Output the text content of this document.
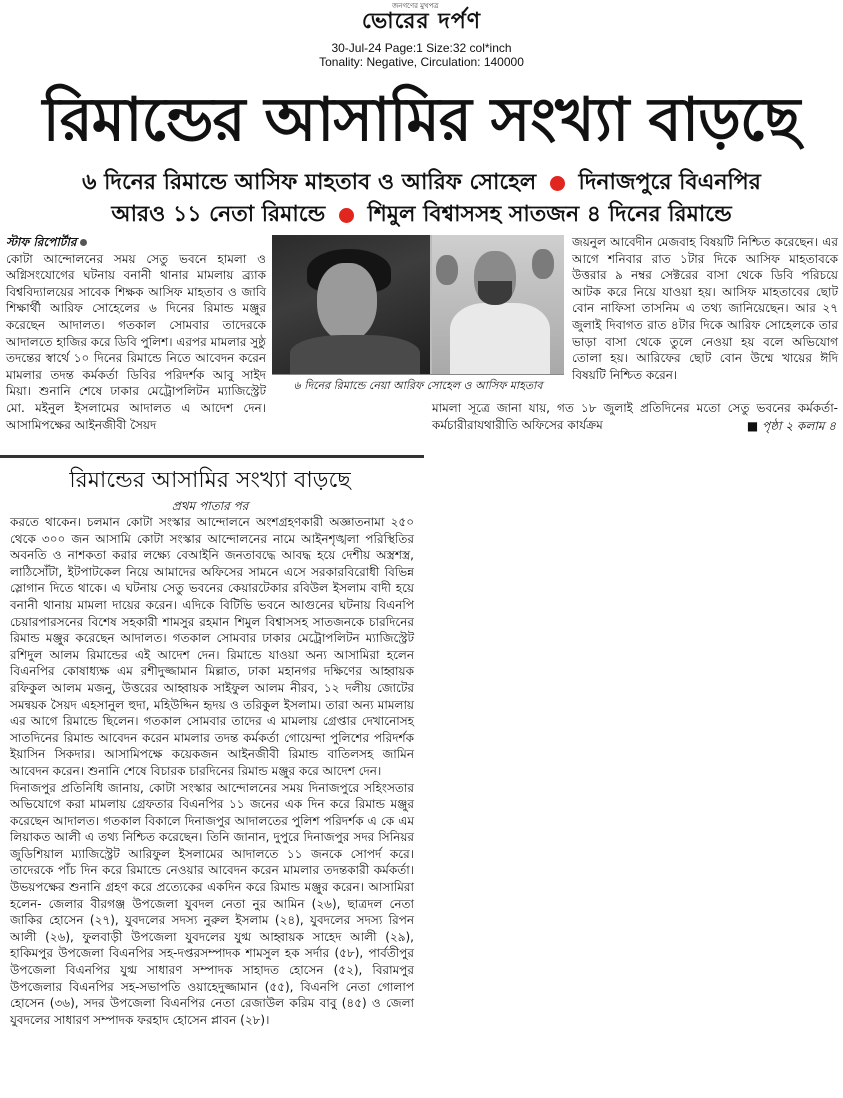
ভোরের দর্পণ
30-Jul-24 Page:1 Size:32 col*inch
Tonality: Negative, Circulation: 140000
জনগণের মুখপত্র
রিমান্ডের আসামির সংখ্যা বাড়ছে
৬ দিনের রিমান্ডে আসিফ মাহতাব ও আরিফ সোহেল দিনাজপুরে বিএনপির
আরও ১১ নেতা রিমান্ডে শিমুল বিশ্বাসসহ সাতজন ৪ দিনের রিমান্ডে
স্টাফ রিপোর্টার
কোটা আন্দোলনের সময় সেতু ভবনে হামলা ও অগ্নিসংযোগের ঘটনায় বনানী থানার মামলায় ব্র্যাক বিশ্ববিদ্যালয়ের সাবেক শিক্ষক আসিফ মাহতাব ও জাবি শিক্ষার্থী আরিফ সোহেলের ৬ দিনের রিমান্ড মঞ্জুর করেছেন আদালত। গতকাল সোমবার তাদেরকে আদালতে হাজির করে ডিবি পুলিশ। এরপর মামলার সুষ্ঠু তদন্তের স্বার্থে ১০ দিনের রিমান্ডে নিতে আবেদন করেন মামলার তদন্ত কর্মকর্তা ডিবির পরিদর্শক আবু সাইদ মিয়া। শুনানি শেষে ঢাকার মেট্রোপলিটন ম্যাজিস্ট্রেট মো. মইনুল ইসলামের আদালত এ আদেশ দেন। আসামিপক্ষের আইনজীবী সৈয়দ
৬ দিনের রিমান্ডে নেয়া আরিফ সোহেল ও আসিফ মাহতাব
মামলা সূত্রে জানা যায়, গত ১৮ জুলাই প্রতিদিনের মতো সেতু ভবনের কর্মকর্তা-কর্মচারীরাযথারীতি অফিসের কার্যক্রম
জয়নুল আবেদীন মেজবাহ বিষয়টি নিশ্চিত করেছেন। এর আগে শনিবার রাত ১টার দিকে আসিফ মাহতাবকে উত্তরার ৯ নম্বর সেক্টরের বাসা থেকে ডিবি পরিচয়ে আটক করে নিয়ে যাওয়া হয়। আসিফ মাহতাবের ছোট বোন নাফিসা তাসনিম এ তথ্য জানিয়েছেন। আর ২৭ জুলাই দিবাগত রাত ৪টার দিকে আরিফ সোহেলকে তার ভাড়া বাসা থেকে তুলে নেওয়া হয় বলে অভিযোগ তোলা হয়। আরিফের ছোট বোন উম্মে খায়ের ঈদি বিষয়টি নিশ্চিত করেন।
■ পৃষ্ঠা ২ কলাম ৪
রিমান্ডের আসামির সংখ্যা বাড়ছে
প্রথম পাতার পর
করতে থাকেন। চলমান কোটা সংস্কার আন্দোলনে অংশগ্রহণকারী অজ্ঞাতনামা ২৫০ থেকে ৩০০ জন আসামি কোটা সংস্কার আন্দোলনের নামে আইনশৃঙ্খলা পরিস্থিতির অবনতি ও নাশকতা করার লক্ষ্যে বেআইনি জনতাবদ্ধে আবদ্ধ হয়ে দেশীয় অস্ত্রশস্ত্র, লাঠিসোঁটা, ইটপাটকেল নিয়ে আমাদের অফিসের সামনে এসে সরকারবিরোধী বিভিন্ন স্লোগান দিতে থাকে। এ ঘটনায় সেতু ভবনের কেয়ারটেকার রবিউল ইসলাম বাদী হয়ে বনানী থানায় মামলা দায়ের করেন। এদিকে বিটিভি ভবনে আগুনের ঘটনায় বিএনপি চেয়ারপারসনের বিশেষ সহকারী শামসুর রহমান শিমুল বিশ্বাসসহ সাতজনকে চারদিনের রিমান্ড মঞ্জুর করেছেন আদালত। গতকাল সোমবার ঢাকার মেট্রোপলিটন ম্যাজিস্ট্রেট রশিদুল আলম রিমান্ডের এই আদেশ দেন। রিমান্ডে যাওয়া অন্য আসামিরা হলেন বিএনপির কোষাধ্যক্ষ এম রশীদুজ্জামান মিল্লাত, ঢাকা মহানগর দক্ষিণের আহ্বায়ক রফিকুল আলম মজনু, উত্তরের আহ্বায়ক সাইফুল আলম নীরব, ১২ দলীয় জোটের সমন্বয়ক সৈয়দ এহসানুল হুদা, মহিউদ্দিন হৃদয় ও তরিকুল ইসলাম। তারা অন্য মামলায় এর আগে রিমান্ডে ছিলেন। গতকাল সোমবার তাদের এ মামলায় গ্রেপ্তার দেখানোসহ সাতদিনের রিমান্ড আবেদন করেন মামলার তদন্ত কর্মকর্তা গোয়েন্দা পুলিশের পরিদর্শক ইয়াসিন সিকদার। আসামিপক্ষে কয়েকজন আইনজীবী রিমান্ড বাতিলসহ জামিন আবেদন করেন। শুনানি শেষে বিচারক চারদিনের রিমান্ড মঞ্জুর করে আদেশ দেন।
দিনাজপুর প্রতিনিধি জানায়, কোটা সংস্কার আন্দোলনের সময় দিনাজপুরে সহিংসতার অভিযোগে করা মামলায় গ্রেফতার বিএনপির ১১ জনের এক দিন করে রিমান্ড মঞ্জুর করেছেন আদালত। গতকাল বিকালে দিনাজপুর আদালতের পুলিশ পরিদর্শক এ কে এম লিয়াকত আলী এ তথ্য নিশ্চিত করেছেন। তিনি জানান, দুপুরে দিনাজপুর সদর সিনিয়র জুডিশিয়াল ম্যাজিস্ট্রেট আরিফুল ইসলামের আদালতে ১১ জনকে সোপর্দ করে। তাদেরকে পাঁচ দিন করে রিমান্ডে নেওয়ার আবেদন করেন মামলার তদন্তকারী কর্মকর্তা। উভয়পক্ষের শুনানি গ্রহণ করে প্রত্যেকের একদিন করে রিমান্ড মঞ্জুর করেন। আসামিরা হলেন- জেলার বীরগঞ্জ উপজেলা যুবদল নেতা নুর আমিন (২৬), ছাত্রদল নেতা জাকির হোসেন (২৭), যুবদলের সদস্য নুরুল ইসলাম (২৪), যুবদলের সদস্য রিপন আলী (২৬), ফুলবাড়ী উপজেলা যুবদলের যুগ্ম আহ্বায়ক সাহেদ আলী (২৯), হাকিমপুর উপজেলা বিএনপির সহ-দপ্তরসম্পাদক শামসুল হক সর্দার (৫৮), পার্বতীপুর উপজেলা বিএনপির যুগ্ম সাধারণ সম্পাদক সাহাদত হোসেন (৫২), বিরামপুর উপজেলার বিএনপির সহ-সভাপতি ওয়াহেদুজ্জামান (৫৫), বিএনপি নেতা গোলাপ হোসেন (৩৬), সদর উপজেলা বিএনপির নেতা রেজাউল করিম বাবু (৪৫) ও জেলা যুবদলের সাধারণ সম্পাদক ফরহাদ হোসেন প্লাবন (২৮)।
